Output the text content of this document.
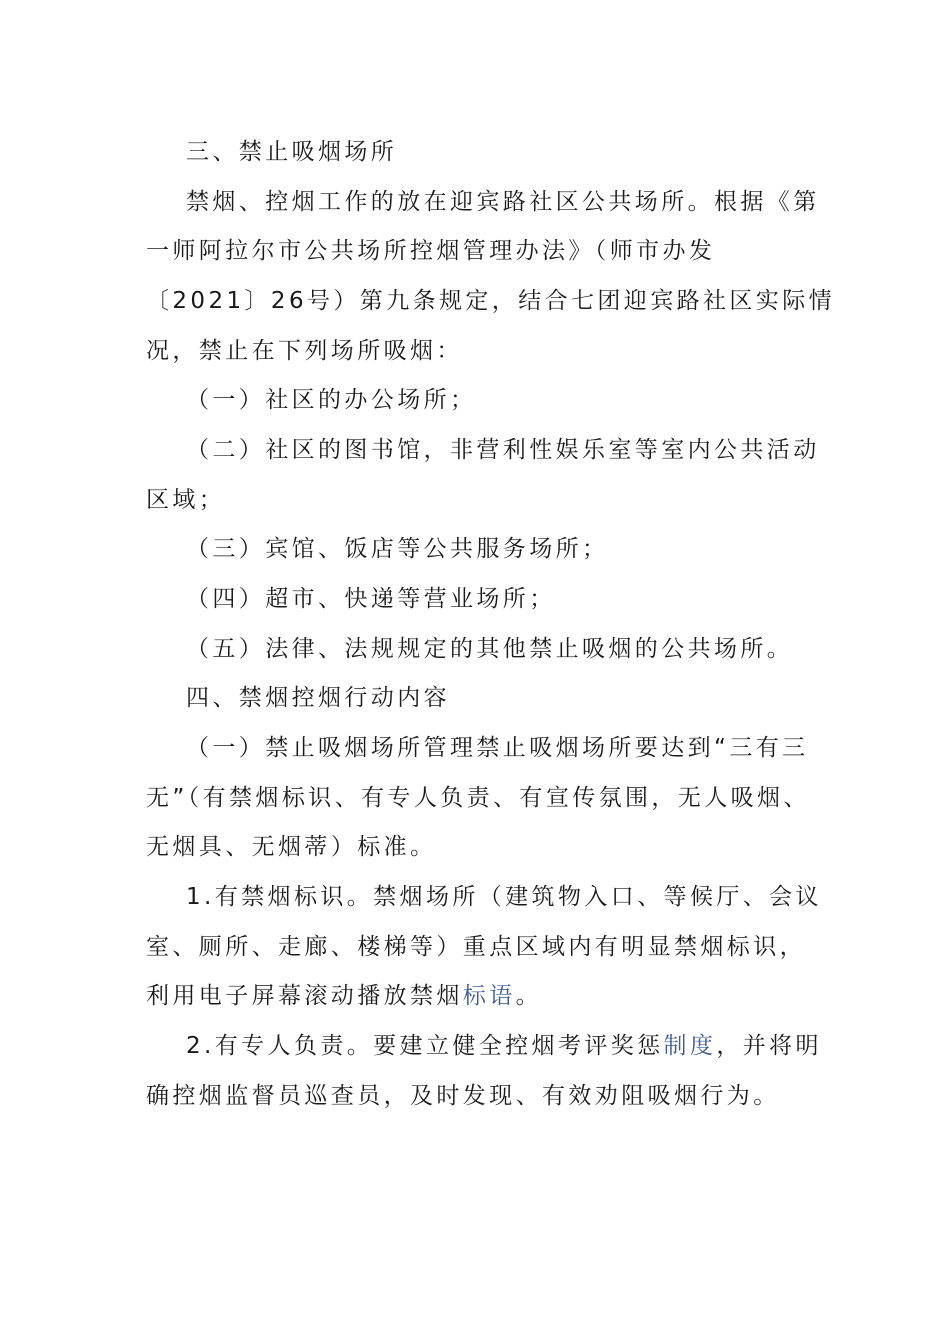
三、禁止吸烟场所
禁烟、控烟工作的放在迎宾路社区公共场所。根据《第
一师阿拉尔市公共场所控烟管理办法》（师市办发
〔2021〕26号）第九条规定，结合七团迎宾路社区实际情
况，禁止在下列场所吸烟：
（一）社区的办公场所；
（二）社区的图书馆，非营利性娱乐室等室内公共活动
区域；
（三）宾馆、饭店等公共服务场所；
（四）超市、快递等营业场所；
（五）法律、法规规定的其他禁止吸烟的公共场所。
四、禁烟控烟行动内容
（一）禁止吸烟场所管理禁止吸烟场所要达到“三有三
无”（有禁烟标识、有专人负责、有宣传氛围，无人吸烟、
无烟具、无烟蒂）标准。
1.有禁烟标识。禁烟场所（建筑物入口、等候厅、会议
室、厕所、走廊、楼梯等）重点区域内有明显禁烟标识，
利用电子屏幕滚动播放禁烟标语。
2.有专人负责。要建立健全控烟考评奖惩制度，并将明
确控烟监督员巡查员，及时发现、有效劝阻吸烟行为。
